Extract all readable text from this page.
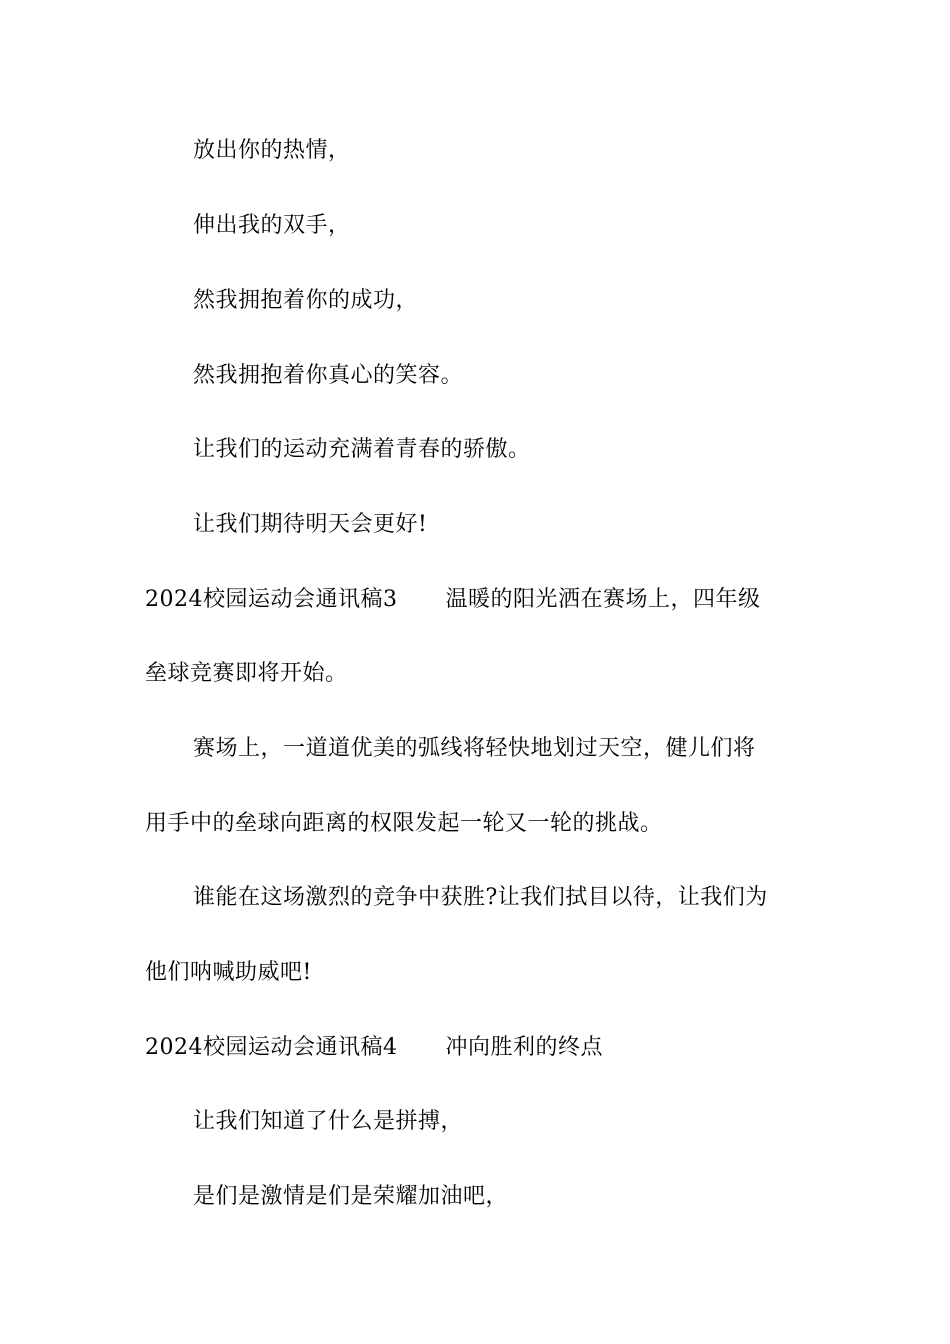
放出你的热情，
伸出我的双手，
然我拥抱着你的成功，
然我拥抱着你真心的笑容。
让我们的运动充满着青春的骄傲。
让我们期待明天会更好!
2024校园运动会通讯稿3 温暖的阳光洒在赛场上，四年级
垒球竞赛即将开始。
赛场上，一道道优美的弧线将轻快地划过天空，健儿们将
用手中的垒球向距离的权限发起一轮又一轮的挑战。
谁能在这场激烈的竞争中获胜?让我们拭目以待，让我们为
他们呐喊助威吧!
2024校园运动会通讯稿4 冲向胜利的终点
让我们知道了什么是拼搏，
是们是激情是们是荣耀加油吧，
